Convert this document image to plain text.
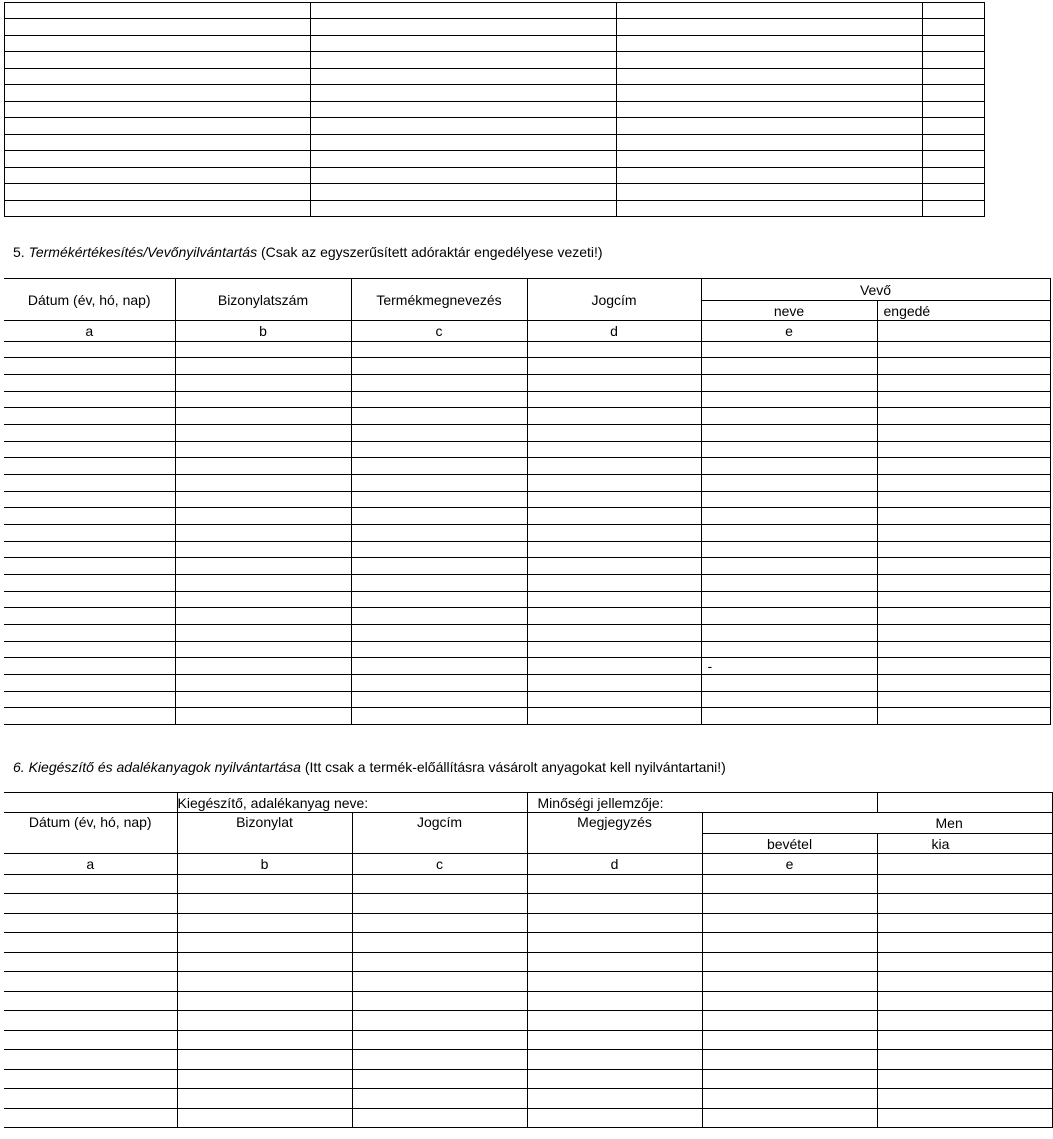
5. Termékértékesítés/Vevőnyilvántartás (Csak az egyszerűsített adóraktár engedélyese vezeti!)
Dátum (év, hó, nap)	Bizonylatszám	Termékmegnevezés	Jogcím	Vevő	
				neve	engedé
a	b	c	d	e	

				-	

6. Kiegészítő és adalékanyagok nyilvántartása (Itt csak a termék-előállításra vásárolt anyagokat kell nyilvántartani!)
	Kiegészítő, adalékanyag neve:		Minőségi jellemzője:		
Dátum (év, hó, nap)	Bizonylat	Jogcím	Megjegyzés	Men	
				bevétel	kia
a	b	c	d	e	
